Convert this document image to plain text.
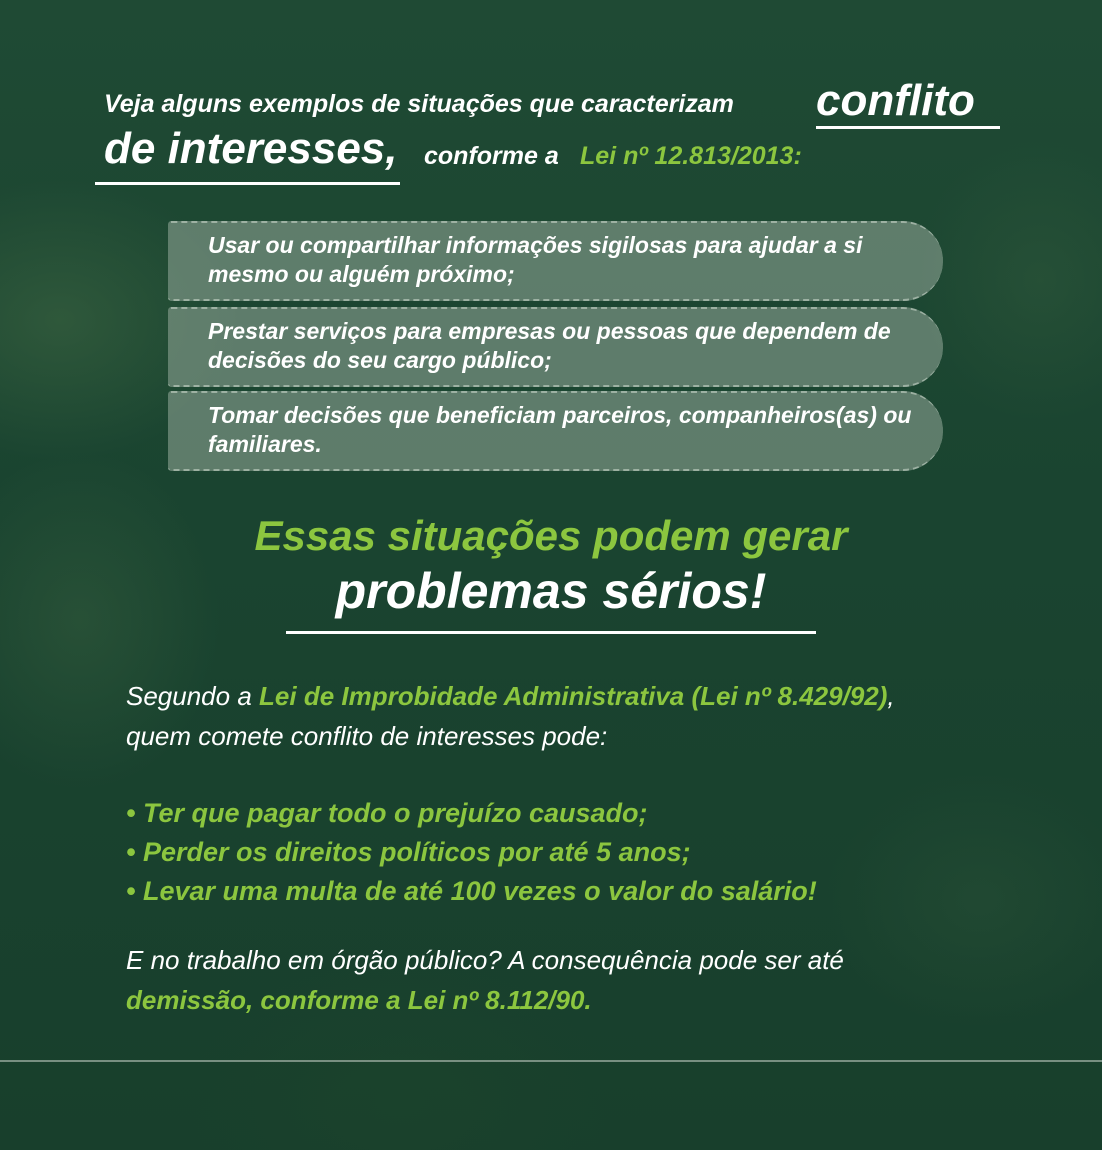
Veja alguns exemplos de situações que caracterizam conflito
de interesses, conforme a Lei nº 12.813/2013:
Usar ou compartilhar informações sigilosas para ajudar a si mesmo ou alguém próximo;
Prestar serviços para empresas ou pessoas que dependem de decisões do seu cargo público;
Tomar decisões que beneficiam parceiros, companheiros(as) ou familiares.
Essas situações podem gerar
problemas sérios!
Segundo a Lei de Improbidade Administrativa (Lei nº 8.429/92),
quem comete conflito de interesses pode:
• Ter que pagar todo o prejuízo causado;
• Perder os direitos políticos por até 5 anos;
• Levar uma multa de até 100 vezes o valor do salário!
E no trabalho em órgão público? A consequência pode ser até
demissão, conforme a Lei nº 8.112/90.
